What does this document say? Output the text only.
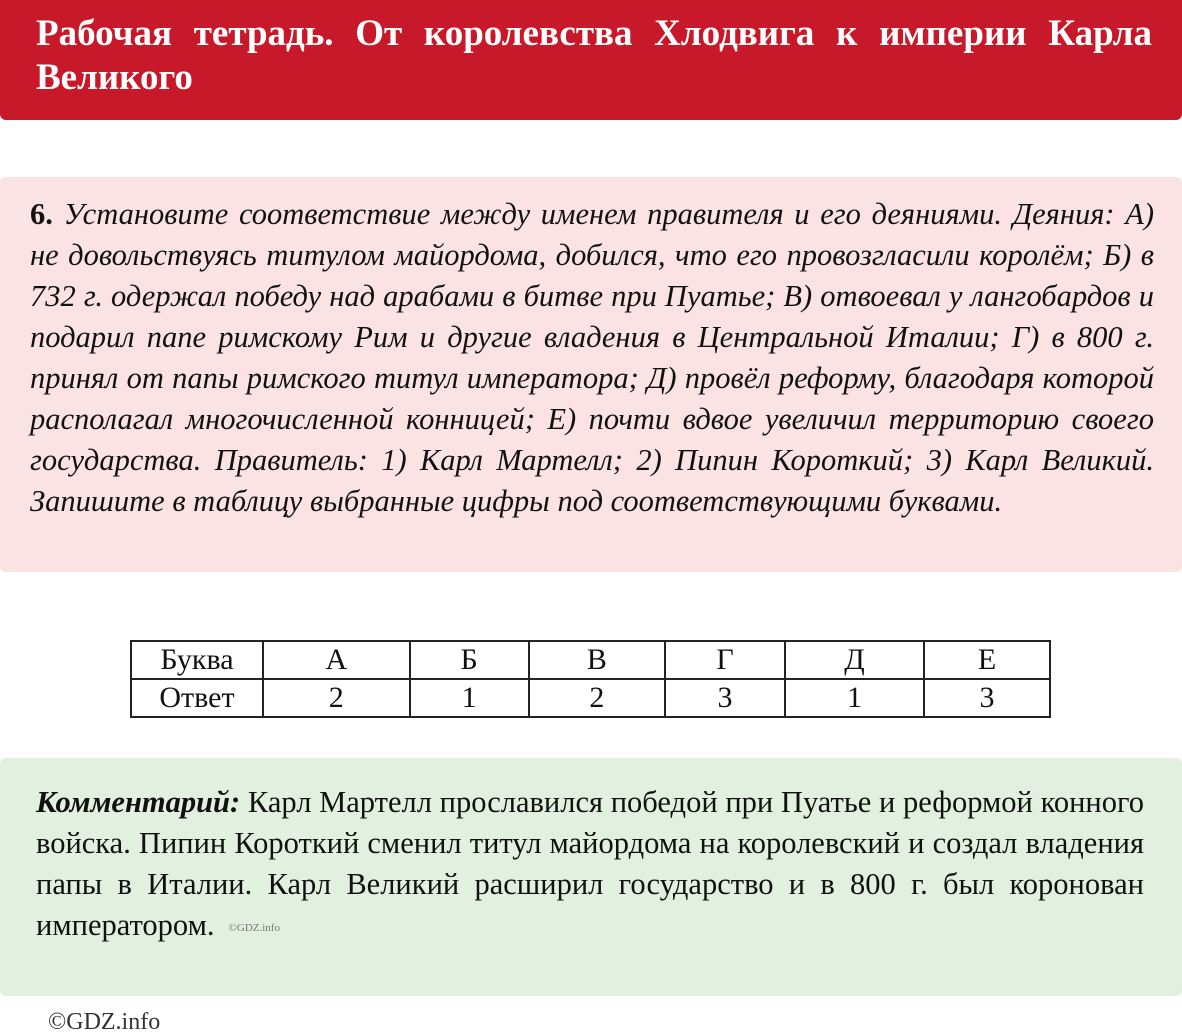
Рабочая тетрадь. От королевства Хлодвига к империи Карла Великого

6. Установите соответствие между именем правителя и его деяниями. Деяния: А) не довольствуясь титулом майордома, добился, что его провозгласили королём; Б) в 732 г. одержал победу над арабами в битве при Пуатье; В) отвоевал у лангобардов и подарил папе римскому Рим и другие владения в Центральной Италии; Г) в 800 г. принял от папы римского титул императора; Д) провёл реформу, благодаря которой располагал многочисленной конницей; Е) почти вдвое увеличил территорию своего государства. Правитель: 1) Карл Мартелл; 2) Пипин Короткий; 3) Карл Великий. Запишите в таблицу выбранные цифры под соответствующими буквами.

Буква	А	Б	В	Г	Д	Е
Ответ	2	1	2	3	1	3

Комментарий: Карл Мартелл прославился победой при Пуатье и реформой конного войска. Пипин Короткий сменил титул майордома на королевский и создал владения папы в Италии. Карл Великий расширил государство и в 800 г. был коронован императором. ©GDZ.info

©GDZ.info
